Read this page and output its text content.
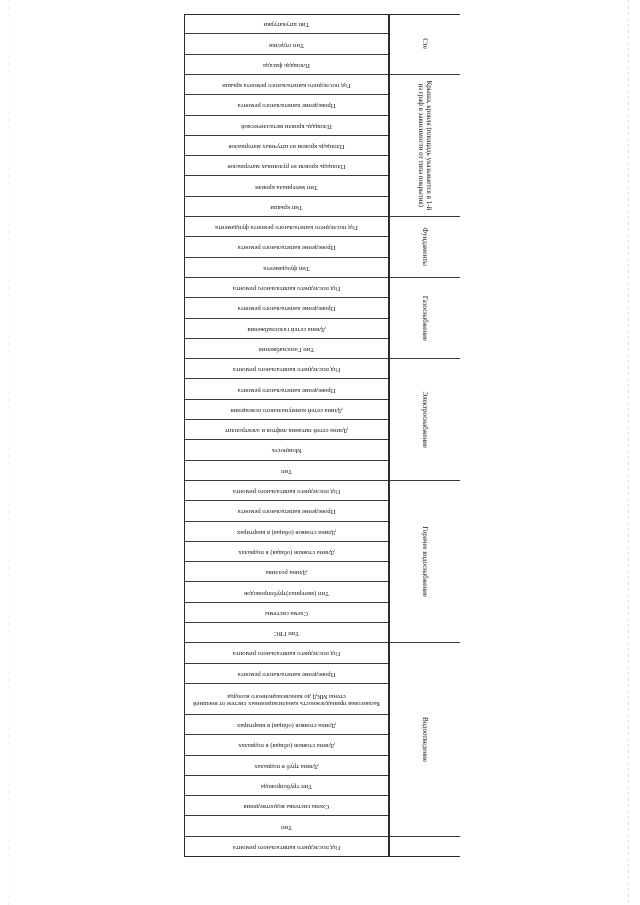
Водоотведение
Горячее водоснабжение
Электроснабжение
Газоснабжение
Фундаменты
Крыша, кровля (площадь указывается в 1-й из граф в зависимости от типа покрытия)
Сте
Год последнего капитального ремонта
Тип
Схема системы водоотведения
Тип трубопровода
Длина труб в подвалах
Длина стояков (общая) в подвалах
Длина стояков (общая) в квартирах
Балансовая принадлежность канализационных систем от внешней стены МКД до канализационного колодца
Проведение капитального ремонта
Год последнего капитального ремонта
Тип ГВС
Схема системы
Тип (материал)трубопроводов
Длина розлива
Длина стояков (общая) в подвалах
Длина стояков (общая) в квартирах
Проведение капитального ремонта
Год последнего капитального ремонта
Тип
Мощность
Длина сетей питания лифтов и электроплит
Длина сетей коммунального освещения
Проведение капитального ремонта
Год последнего капитального ремонта
Тип Газоснабжения
Длина сетей газоснабжения
Проведение капитального ремонта
Год последнего капитального ремонта
Тип фундамента
Проведение капитального ремонта
Год последнего капитального ремонта фундамента
Тип крыши
Тип материала кровли
Площадь кровли из рулонных материалов
Площадь кровли из штучных материалов
Площадь кровли металлической
Проведение капитального ремонта
Год последнего капитального ремонта крыши
Площадь фасада
Тип отделки
Тип штукатурки
